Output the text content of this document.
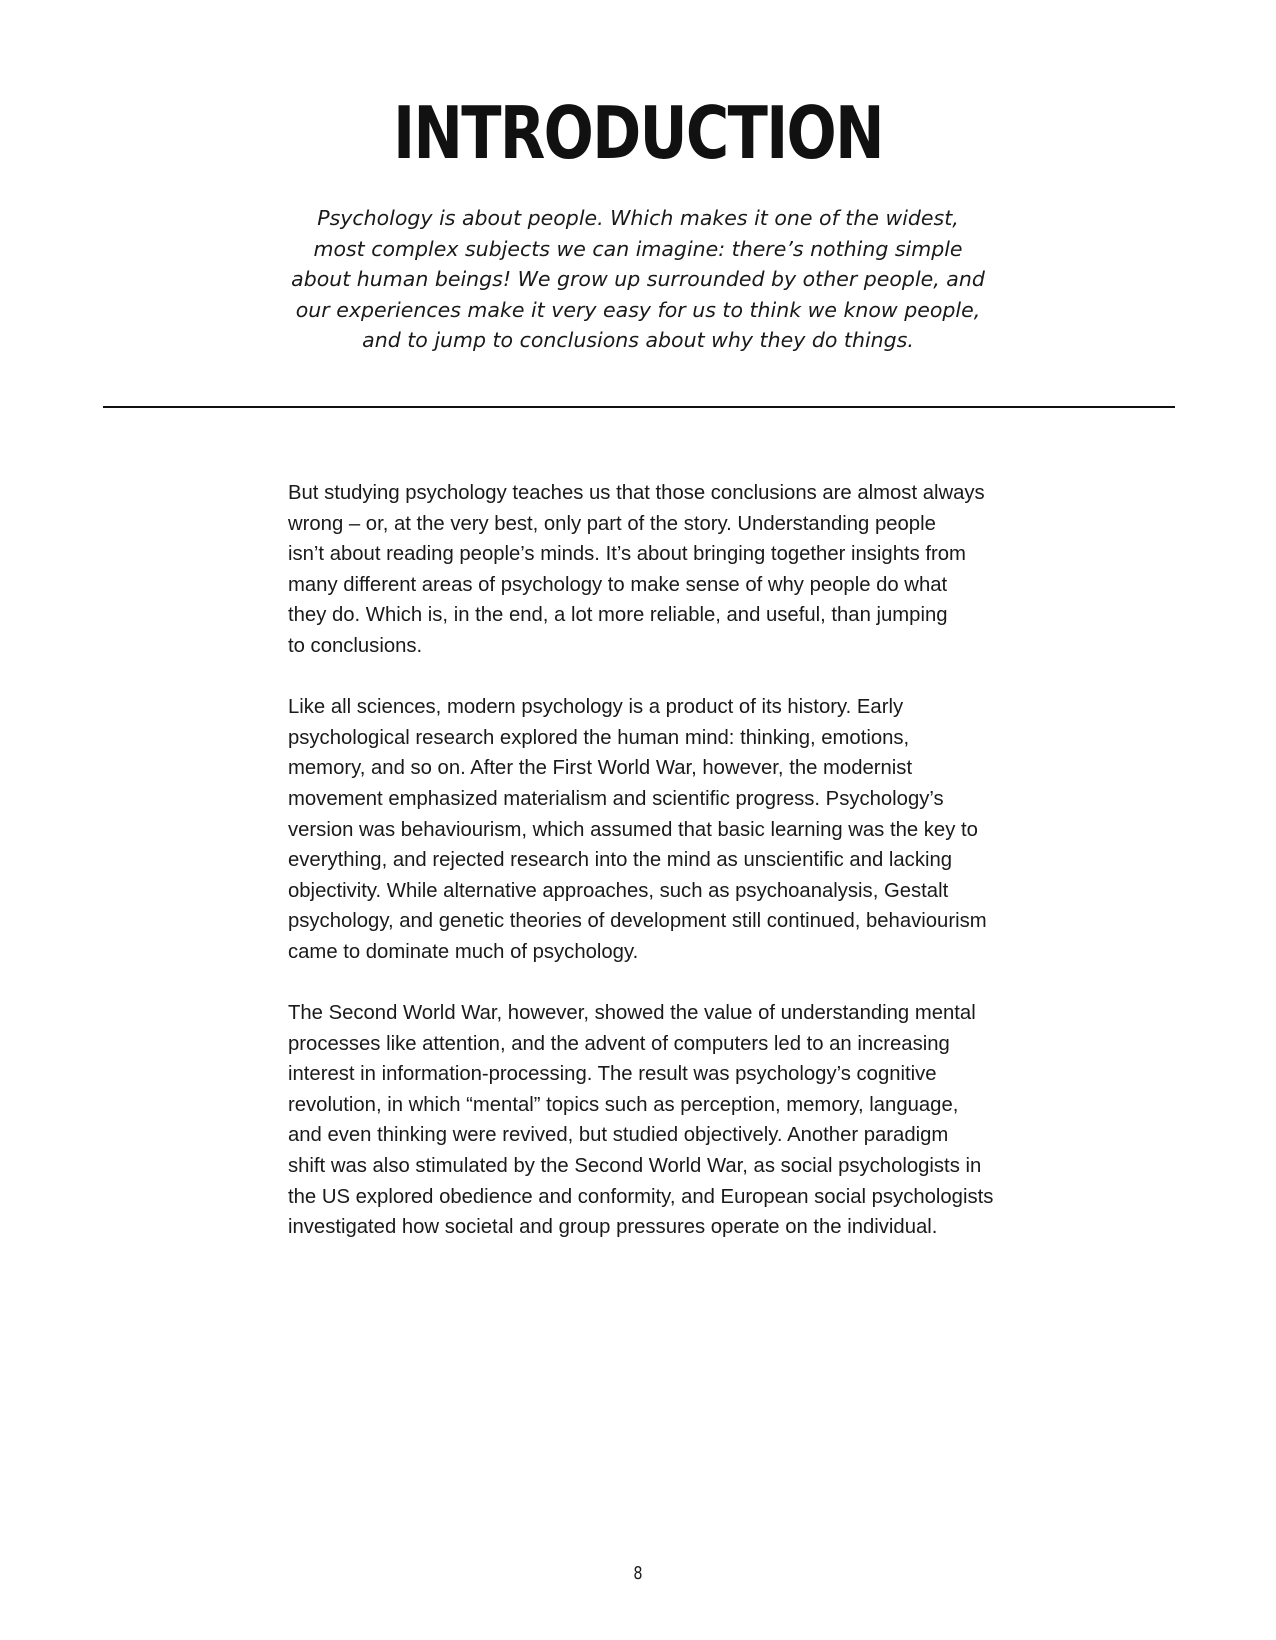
INTRODUCTION
Psychology is about people. Which makes it one of the widest,
most complex subjects we can imagine: there’s nothing simple
about human beings! We grow up surrounded by other people, and
our experiences make it very easy for us to think we know people,
and to jump to conclusions about why they do things.

But studying psychology teaches us that those conclusions are almost always
wrong – or, at the very best, only part of the story. Understanding people
isn’t about reading people’s minds. It’s about bringing together insights from
many different areas of psychology to make sense of why people do what
they do. Which is, in the end, a lot more reliable, and useful, than jumping
to conclusions.

Like all sciences, modern psychology is a product of its history. Early
psychological research explored the human mind: thinking, emotions,
memory, and so on. After the First World War, however, the modernist
movement emphasized materialism and scientific progress. Psychology’s
version was behaviourism, which assumed that basic learning was the key to
everything, and rejected research into the mind as unscientific and lacking
objectivity. While alternative approaches, such as psychoanalysis, Gestalt
psychology, and genetic theories of development still continued, behaviourism
came to dominate much of psychology.

The Second World War, however, showed the value of understanding mental
processes like attention, and the advent of computers led to an increasing
interest in information-processing. The result was psychology’s cognitive
revolution, in which “mental” topics such as perception, memory, language,
and even thinking were revived, but studied objectively. Another paradigm
shift was also stimulated by the Second World War, as social psychologists in
the US explored obedience and conformity, and European social psychologists
investigated how societal and group pressures operate on the individual.

8
